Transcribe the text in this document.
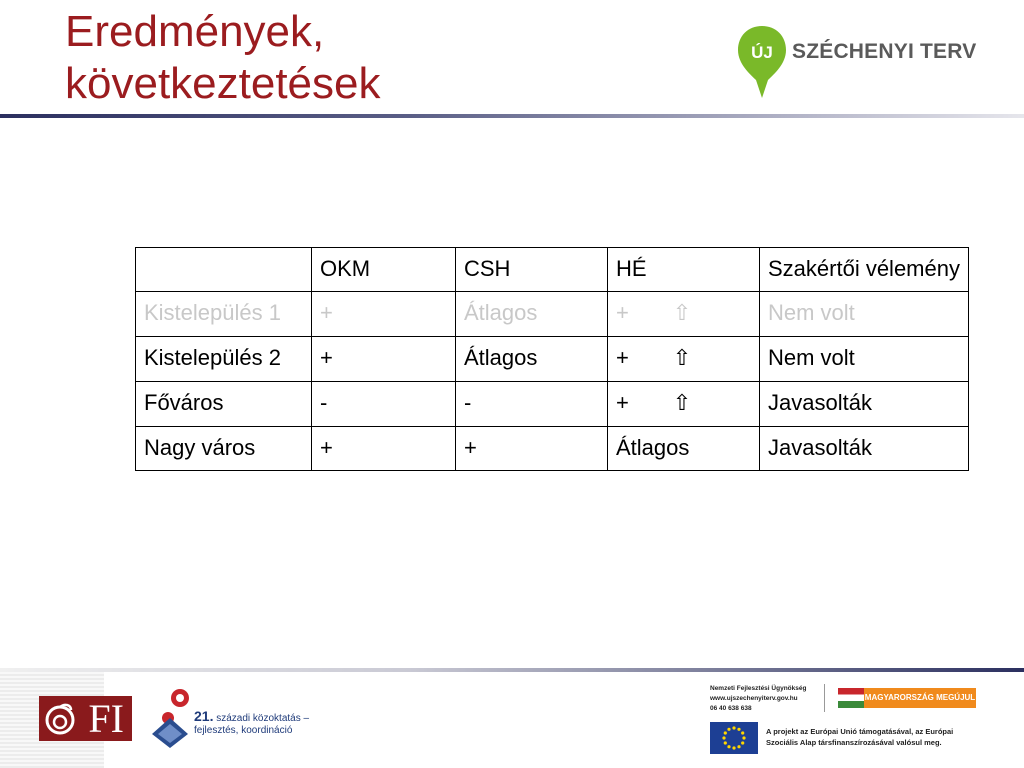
Eredmények,
következtetések
ÚJ SZÉCHENYI TERV
	OKM	CSH	HÉ	Szakértői vélemény
Kistelepülés 1	+	Átlagos	+ ⇧	Nem volt
Kistelepülés 2	+	Átlagos	+ ⇧	Nem volt
Főváros	-	-	+ ⇧	Javasolták
Nagy város	+	+	Átlagos	Javasolták
FI	21. századi közoktatás –
fejlesztés, koordináció
Nemzeti Fejlesztési Ügynökség
www.ujszechenyiterv.gov.hu
06 40 638 638
MAGYARORSZÁG MEGÚJUL
A projekt az Európai Unió támogatásával, az Európai
Szociális Alap társfinanszírozásával valósul meg.
